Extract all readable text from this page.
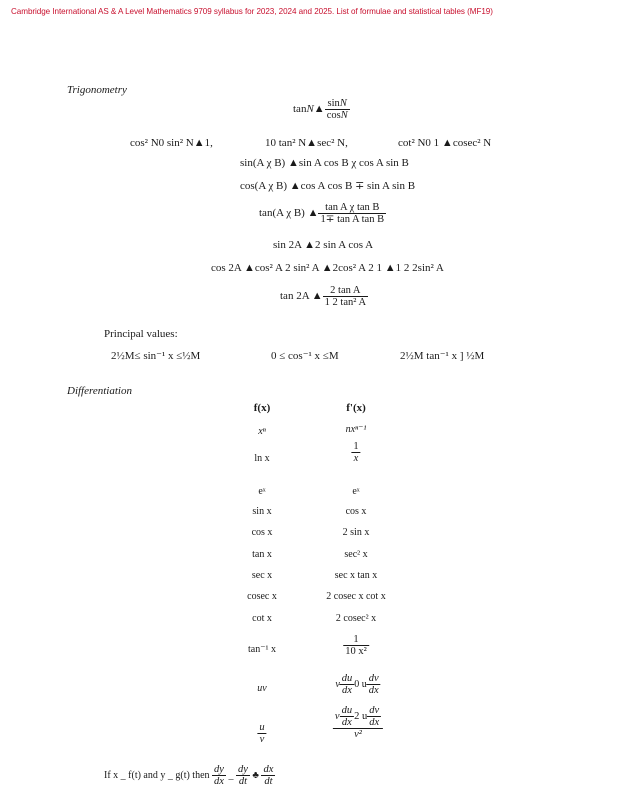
Cambridge International AS & A Level Mathematics 9709 syllabus for 2023, 2024 and 2025. List of formulae and statistical tables (MF19)
Trigonometry
tanN▲ $\frac{\sin N}{\cos N}$
cos² N0 sin² N▲1,	10 tan² N▲sec² N,	cot² N0 1 ▲cosec² N
sin(A χ B) ▲sin A cos B χ cos A sin B
cos(A χ B) ▲cos A cos B ∓ sin A sin B
tan(A χ B) ▲ $\frac{\text{tan A χ tan B}}{\text{1∓ tan A tan B}}$
sin 2A ▲2 sin A cos A
cos 2A ▲cos² A 2 sin² A ▲2cos² A 2 1 ▲1 2 2sin² A
tan 2A ▲ $\frac{\text{2 tan A}}{\text{1 2 tan² A}}$
Principal values:
2½M≤ sin⁻¹ x ≤½M	0 ≤ cos⁻¹ x ≤M	2½M tan⁻¹ x ] ½M
Differentiation
f(x)	f'(x)
xⁿ	nxⁿ⁻¹
ln x	$\frac{1}{x}$
eˣ	eˣ
sin x	cos x
cos x	2 sin x
tan x	sec² x
sec x	sec x tan x
cosec x	2 cosec x cot x
cot x	2 cosec² x
tan⁻¹ x	$\frac{1}{\text{10 x²}}$
uv	v $\frac{du}{dx} 0$ u $\frac{dv}{dx}$
$\frac{u}{v}$	$\frac{v \frac{du}{dx} 2 u \frac{dv}{dx}}{\text{v²}}$
If x _ f(t) and y _ g(t) then $\frac{dy}{dx}$ _ $\frac{dy}{dt}$ ♣ $\frac{dx}{dt}$
